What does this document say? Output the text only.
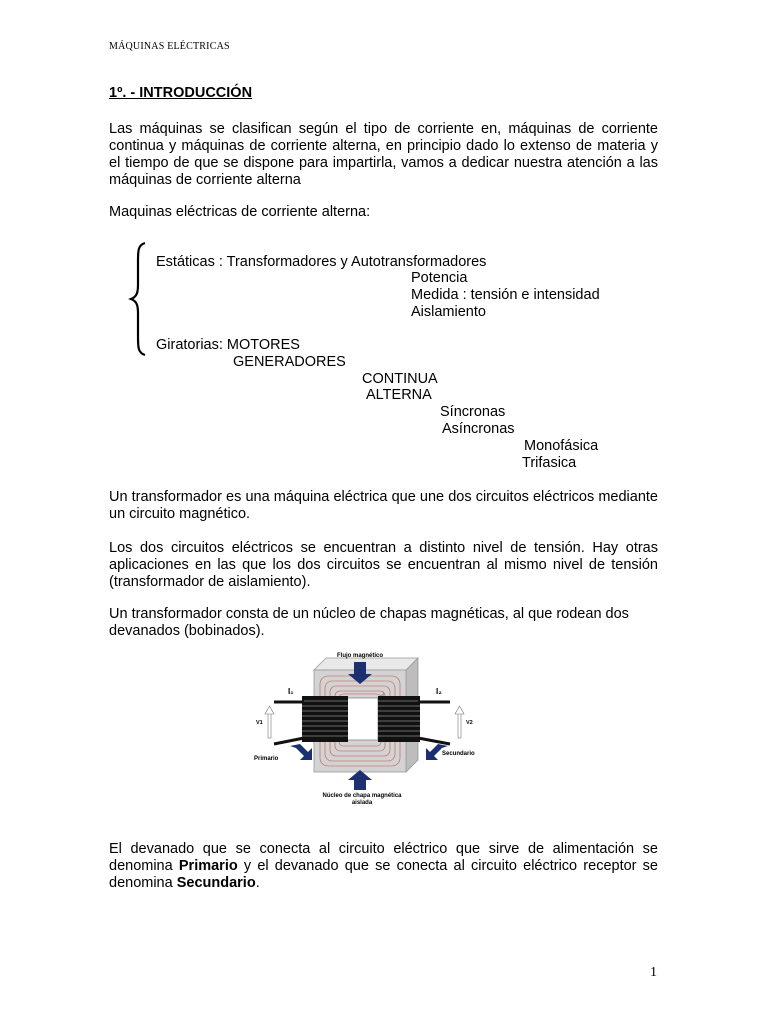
MÁQUINAS ELÉCTRICAS
1º. - INTRODUCCIÓN
Las máquinas se clasifican según el tipo de corriente en, máquinas de corriente continua y máquinas de corriente alterna, en principio dado lo extenso de materia y el tiempo de que se dispone para impartirla, vamos a dedicar nuestra atención a las máquinas de corriente alterna
Maquinas eléctricas de corriente alterna:
Estáticas : Transformadores y Autotransformadores
Potencia
Medida : tensión e intensidad
Aislamiento
Giratorias: MOTORES
GENERADORES
CONTINUA
ALTERNA
Síncronas
Asíncronas
Monofásica
Trifasica
Un transformador es una máquina eléctrica que une dos circuitos eléctricos mediante un circuito magnético.
Los dos circuitos eléctricos se encuentran a distinto nivel de tensión. Hay otras aplicaciones en las que los dos circuitos se encuentran al mismo nivel de tensión (transformador de aislamiento).
Un transformador consta de un núcleo de chapas magnéticas, al que rodean dos devanados (bobinados).
Flujo magnético
I₁	I₂
V1	V2
Primario
Secundario
Núcleo de chapa magnética
aislada
El devanado que se conecta al circuito eléctrico que sirve de alimentación se denomina Primario y el devanado que se conecta al circuito eléctrico receptor se denomina Secundario.
1
